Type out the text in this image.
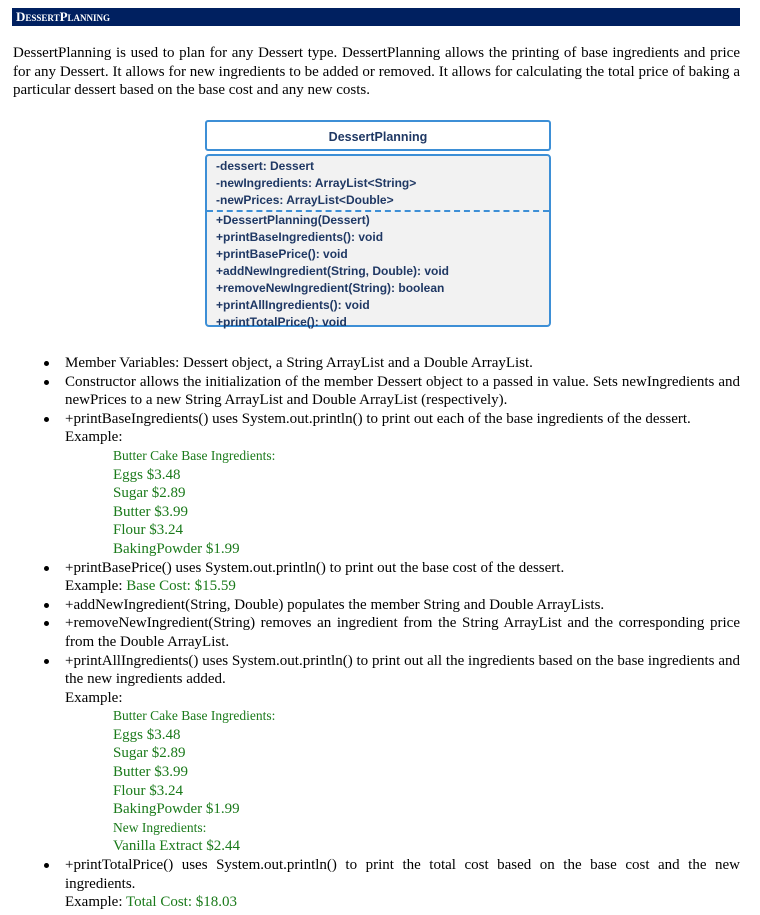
DessertPlanning
DessertPlanning is used to plan for any Dessert type. DessertPlanning allows the printing of base ingredients and price for any Dessert. It allows for new ingredients to be added or removed. It allows for calculating the total price of baking a particular dessert based on the base cost and any new costs.
DessertPlanning
-dessert: Dessert
-newIngredients: ArrayList<String>
-newPrices: ArrayList<Double>
+DessertPlanning(Dessert)
+printBaseIngredients(): void
+printBasePrice(): void
+addNewIngredient(String, Double): void
+removeNewIngredient(String): boolean
+printAllIngredients(): void
+printTotalPrice(): void
Member Variables: Dessert object, a String ArrayList and a Double ArrayList.
Constructor allows the initialization of the member Dessert object to a passed in value. Sets newIngredients and newPrices to a new String ArrayList and Double ArrayList (respectively).
+printBaseIngredients() uses System.out.println() to print out each of the base ingredients of the dessert.
Example:
Butter Cake Base Ingredients:
Eggs $3.48
Sugar $2.89
Butter $3.99
Flour $3.24
BakingPowder $1.99
+printBasePrice() uses System.out.println() to print out the base cost of the dessert.
Example: Base Cost: $15.59
+addNewIngredient(String, Double) populates the member String and Double ArrayLists.
+removeNewIngredient(String) removes an ingredient from the String ArrayList and the corresponding price from the Double ArrayList.
+printAllIngredients() uses System.out.println() to print out all the ingredients based on the base ingredients and the new ingredients added.
Example:
Butter Cake Base Ingredients:
Eggs $3.48
Sugar $2.89
Butter $3.99
Flour $3.24
BakingPowder $1.99
New Ingredients:
Vanilla Extract $2.44
+printTotalPrice() uses System.out.println() to print the total cost based on the base cost and the new ingredients.
Example: Total Cost: $18.03
